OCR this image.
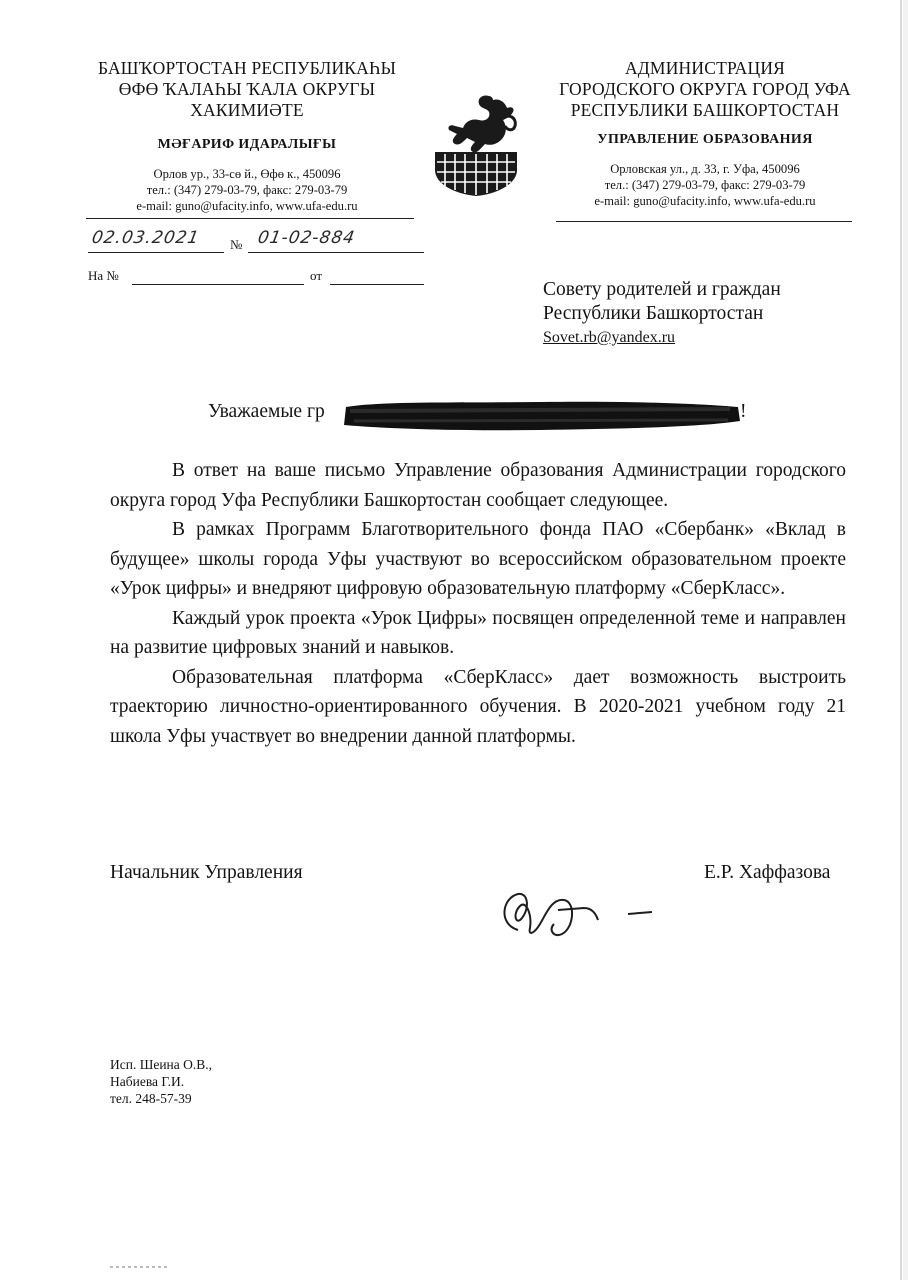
БАШҠОРТОСТАН РЕСПУБЛИКАҺЫ
ӨФӨ ҠАЛАҺЫ ҠАЛА ОКРУГЫ
ХАКИМИӘТЕ
МӘҒАРИФ ИДАРАЛЫҒЫ
Орлов ур., 33-сө й., Өфө к., 450096
тел.: (347) 279-03-79, факс: 279-03-79
e-mail: guno@ufacity.info, www.ufa-edu.ru
АДМИНИСТРАЦИЯ
ГОРОДСКОГО ОКРУГА ГОРОД УФА
РЕСПУБЛИКИ БАШКОРТОСТАН
УПРАВЛЕНИЕ ОБРАЗОВАНИЯ
Орловская ул., д. 33, г. Уфа, 450096
тел.: (347) 279-03-79, факс: 279-03-79
e-mail: guno@ufacity.info, www.ufa-edu.ru
02.03.2021 № 01-02-884
На №	от
Совету родителей и граждан
Республики Башкортостан
Sovet.rb@yandex.ru
Уважаемые гр	!

В ответ на ваше письмо Управление образования Администрации городского округа город Уфа Республики Башкортостан сообщает следующее.

В рамках Программ Благотворительного фонда ПАО «Сбербанк» «Вклад в будущее» школы города Уфы участвуют во всероссийском образовательном проекте «Урок цифры» и внедряют цифровую образовательную платформу «СберКласс».

Каждый урок проекта «Урок Цифры» посвящен определенной теме и направлен на развитие цифровых знаний и навыков.

Образовательная платформа «СберКласс» дает возможность выстроить траекторию личностно-ориентированного обучения. В 2020-2021 учебном году 21 школа Уфы участвует во внедрении данной платформы.

Начальник Управления	Е.Р. Хаффазова
Исп. Шеина О.В.,
Набиева Г.И.
тел. 248-57-39
